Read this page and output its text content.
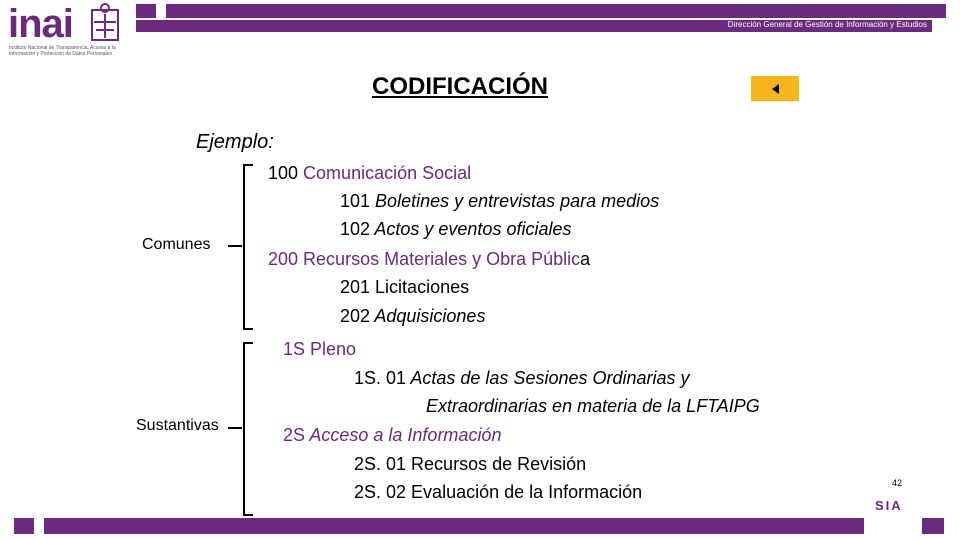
inai
Instituto Nacional de Transparencia, Acceso a la Información y Protección de Datos Personales
Dirección General de Gestión de Información y Estudios
CODIFICACIÓN
Ejemplo:
Comunes
100 Comunicación Social
101 Boletines y entrevistas para medios
102 Actos y eventos oficiales
200 Recursos Materiales y Obra Pública
201 Licitaciones
202 Adquisiciones
Sustantivas
1S Pleno
1S. 01 Actas de las Sesiones Ordinarias y
Extraordinarias en materia de la LFTAIPG
2S Acceso a la Información
2S. 01 Recursos de Revisión
2S. 02 Evaluación de la Información	42
SIA
